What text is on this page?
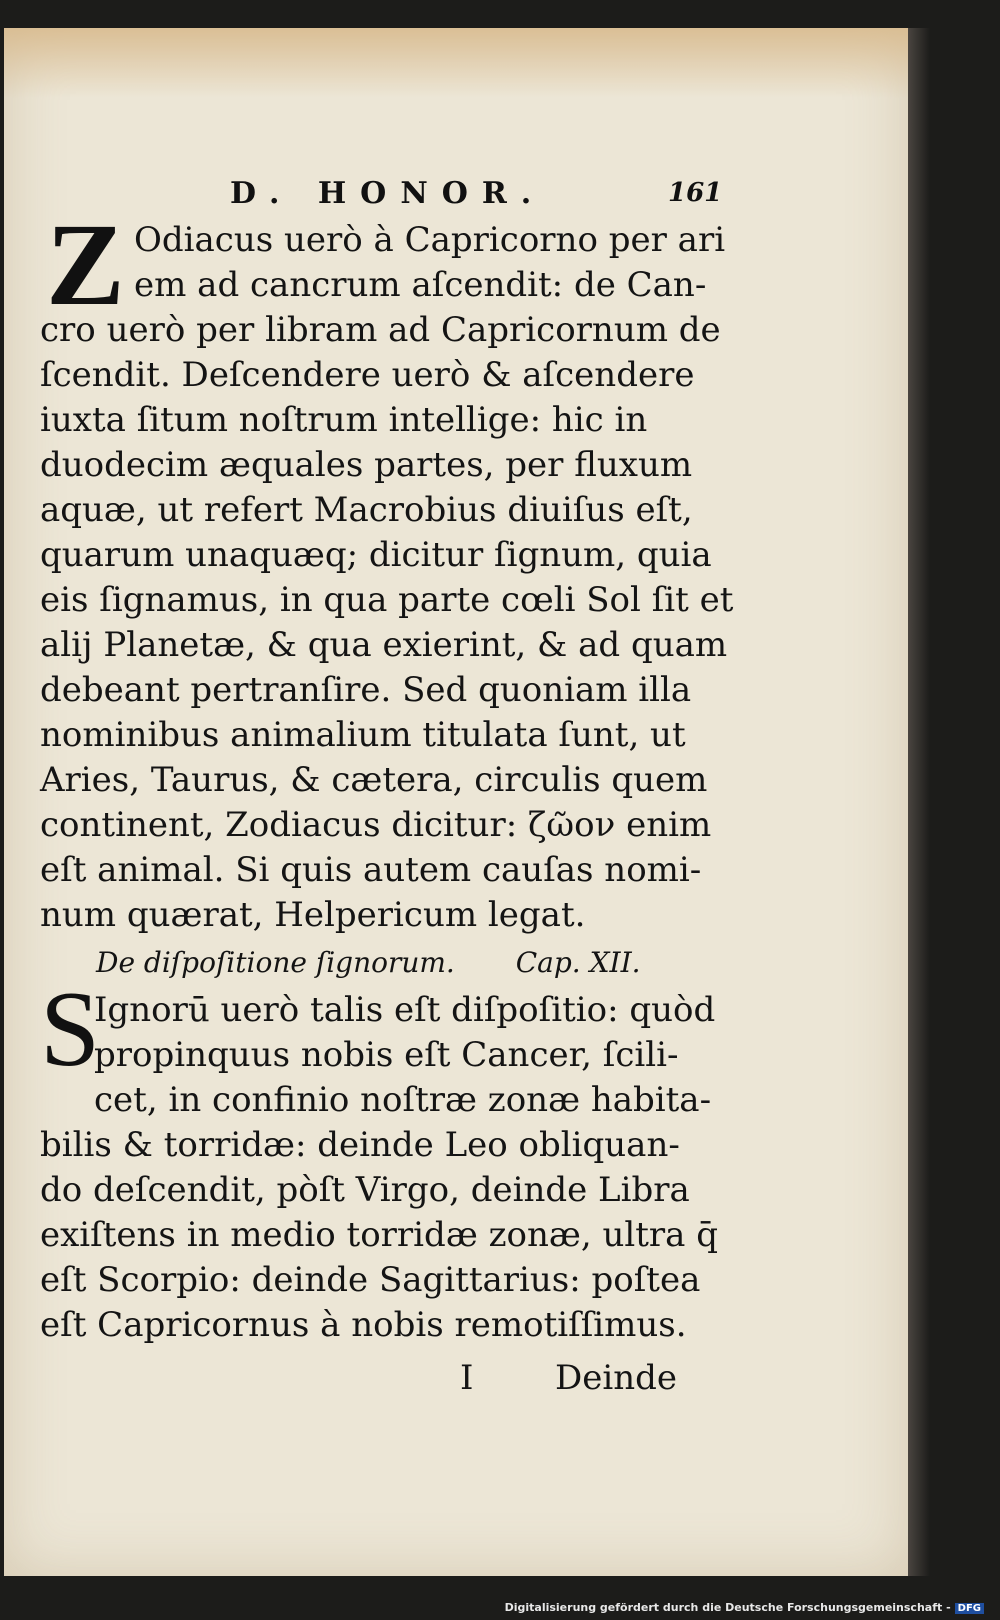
D. HONOR.	161
Z
S
Odiacus uerò à Capricorno per ari
em ad cancrum aſcendit: de Can-
cro uerò per libram ad Capricornum de
ſcendit. Deſcendere uerò & aſcendere
iuxta ſitum noſtrum intellige: hic in
duodecim æquales partes, per fluxum
aquæ, ut refert Macrobius diuiſus eſt,
quarum unaquæq; dicitur ſignum, quia
eis ſignamus, in qua parte cœli Sol ſit et
alij Planetæ, & qua exierint, & ad quam
debeant pertranſire. Sed quoniam illa
nominibus animalium titulata ſunt, ut
Aries, Taurus, & cætera, circulis quem
continent, Zodiacus dicitur: ζῶον enim
eſt animal. Si quis autem cauſas nomi-
num quærat, Helpericum legat.
De diſpoſitione ſignorum. Cap. XII.
Ignorū uerò talis eſt diſpoſitio: quòd
propinquus nobis eſt Cancer, ſcili-
cet, in confinio noſtræ zonæ habita-
bilis & torridæ: deinde Leo obliquan-
do deſcendit, pòſt Virgo, deinde Libra
exiſtens in medio torridæ zonæ, ultra q̄
eſt Scorpio: deinde Sagittarius: poſtea
eſt Capricornus à nobis remotiſſimus.
I Deinde
Digitalisierung gefördert durch die Deutsche Forschungsgemeinschaft - DFG
